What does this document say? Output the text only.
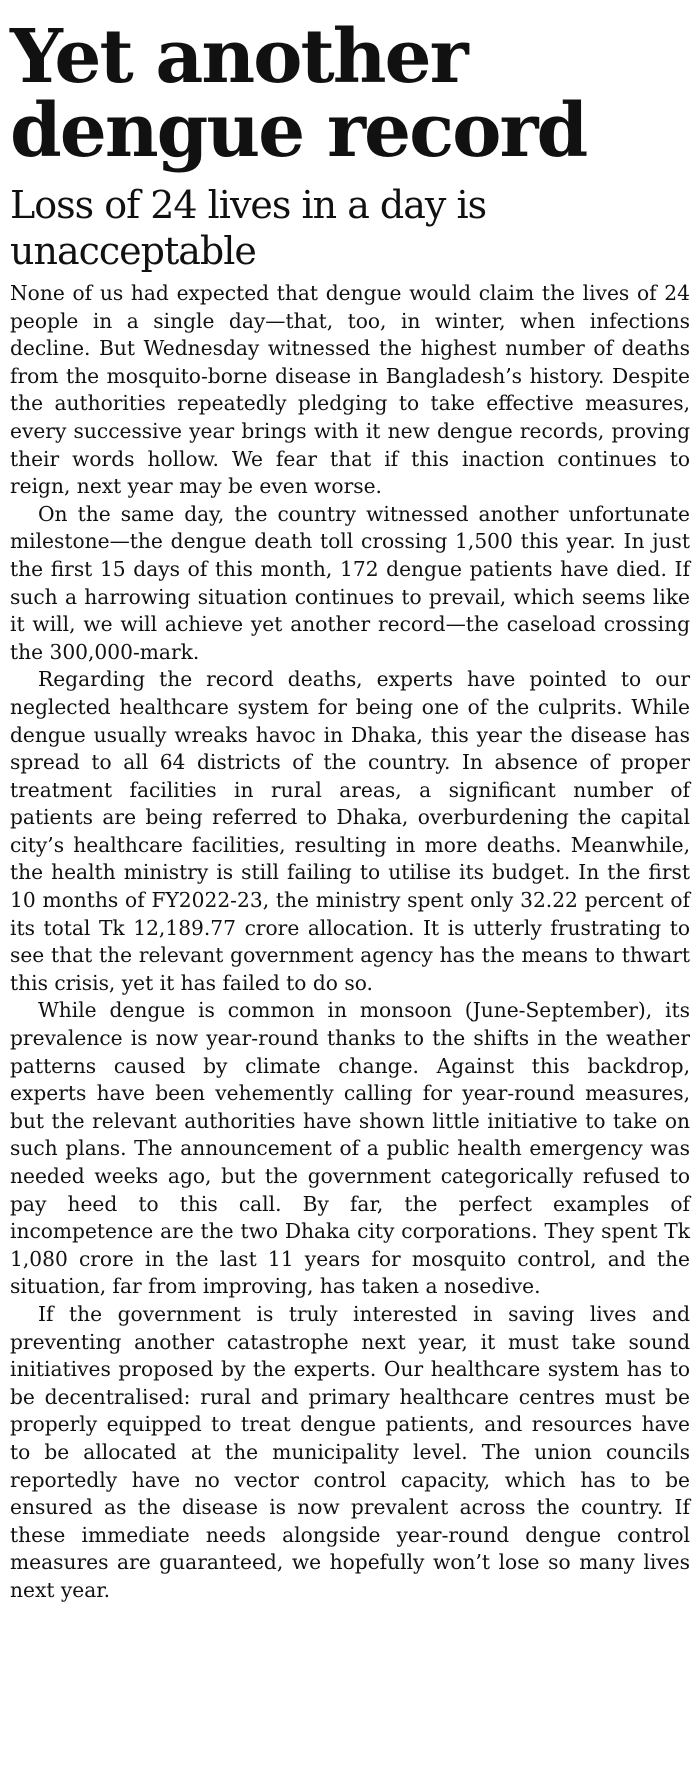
Yet another dengue record
Loss of 24 lives in a day is unacceptable

None of us had expected that dengue would claim the lives of 24 people in a single day—that, too, in winter, when infections decline. But Wednesday witnessed the highest number of deaths from the mosquito-borne disease in Bangladesh’s history. Despite the authorities repeatedly pledging to take effective measures, every successive year brings with it new dengue records, proving their words hollow. We fear that if this inaction continues to reign, next year may be even worse.

On the same day, the country witnessed another unfortunate milestone—the dengue death toll crossing 1,500 this year. In just the first 15 days of this month, 172 dengue patients have died. If such a harrowing situation continues to prevail, which seems like it will, we will achieve yet another record—the caseload crossing the 300,000-mark.

Regarding the record deaths, experts have pointed to our neglected healthcare system for being one of the culprits. While dengue usually wreaks havoc in Dhaka, this year the disease has spread to all 64 districts of the country. In absence of proper treatment facilities in rural areas, a significant number of patients are being referred to Dhaka, overburdening the capital city’s healthcare facilities, resulting in more deaths. Meanwhile, the health ministry is still failing to utilise its budget. In the first 10 months of FY2022-23, the ministry spent only 32.22 percent of its total Tk 12,189.77 crore allocation. It is utterly frustrating to see that the relevant government agency has the means to thwart this crisis, yet it has failed to do so.

While dengue is common in monsoon (June-September), its prevalence is now year-round thanks to the shifts in the weather patterns caused by climate change. Against this backdrop, experts have been vehemently calling for year-round measures, but the relevant authorities have shown little initiative to take on such plans. The announcement of a public health emergency was needed weeks ago, but the government categorically refused to pay heed to this call. By far, the perfect examples of incompetence are the two Dhaka city corporations. They spent Tk 1,080 crore in the last 11 years for mosquito control, and the situation, far from improving, has taken a nosedive.

If the government is truly interested in saving lives and preventing another catastrophe next year, it must take sound initiatives proposed by the experts. Our healthcare system has to be decentralised: rural and primary healthcare centres must be properly equipped to treat dengue patients, and resources have to be allocated at the municipality level. The union councils reportedly have no vector control capacity, which has to be ensured as the disease is now prevalent across the country. If these immediate needs alongside year-round dengue control measures are guaranteed, we hopefully won’t lose so many lives next year.
